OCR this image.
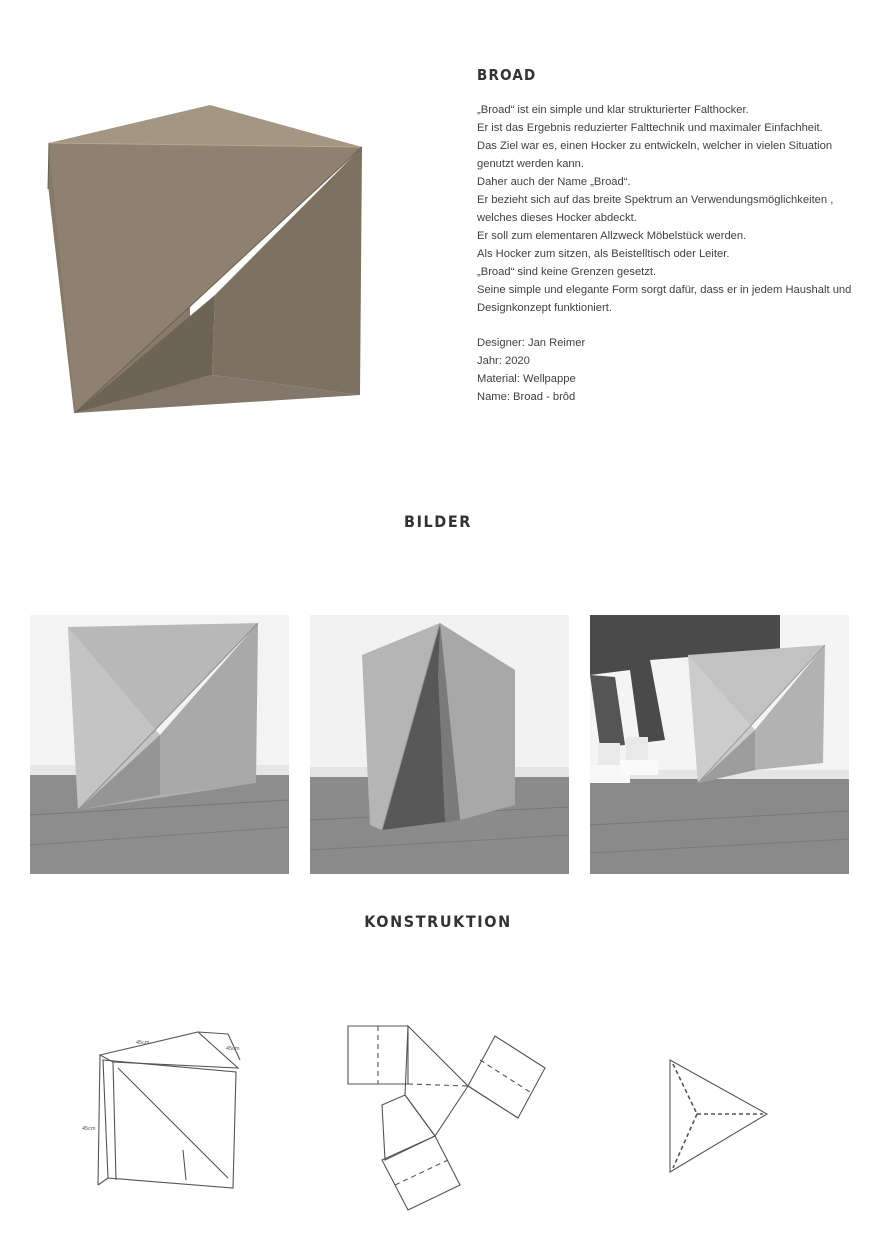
BROAD
„Broad“ ist ein simple und klar strukturierter Falthocker.
Er ist das Ergebnis reduzierter Falttechnik und maximaler Einfachheit.
Das Ziel war es, einen Hocker zu entwickeln, welcher in vielen Situation
genutzt werden kann.
Daher auch der Name „Broad“.
Er bezieht sich auf das breite Spektrum an Verwendungsmöglichkeiten ,
welches dieses Hocker abdeckt.
Er soll zum elementaren Allzweck Möbelstück werden.
Als Hocker zum sitzen, als Beistelltisch oder Leiter.
„Broad“ sind keine Grenzen gesetzt.
Seine simple und elegante Form sorgt dafür, dass er in jedem Haushalt und
Designkonzept funktioniert.
Designer: Jan Reimer
Jahr: 2020
Material: Wellpappe
Name: Broad - brôd
BILDER
KONSTRUKTION
45cm
45cm
45cm
